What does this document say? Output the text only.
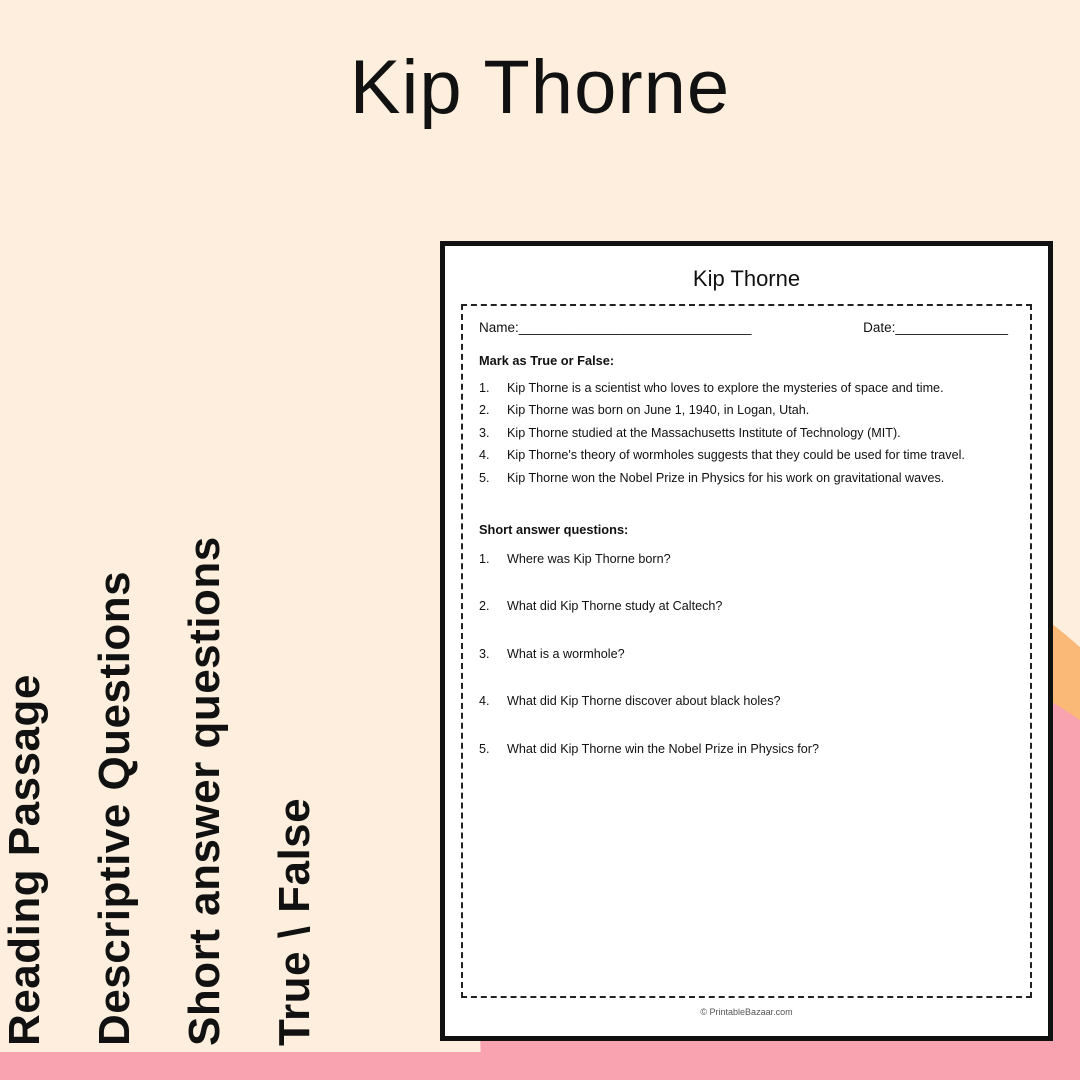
Kip Thorne
Reading Passage Descriptive Questions Short answer questions True \ False
Kip Thorne
Name:_______________________________	Date:_______________
Mark as True or False:
1.	Kip Thorne is a scientist who loves to explore the mysteries of space and time.
2.	Kip Thorne was born on June 1, 1940, in Logan, Utah.
3.	Kip Thorne studied at the Massachusetts Institute of Technology (MIT).
4.	Kip Thorne's theory of wormholes suggests that they could be used for time travel.
5.	Kip Thorne won the Nobel Prize in Physics for his work on gravitational waves.
Short answer questions:
1.	Where was Kip Thorne born?
2.	What did Kip Thorne study at Caltech?
3.	What is a wormhole?
4.	What did Kip Thorne discover about black holes?
5.	What did Kip Thorne win the Nobel Prize in Physics for?
© PrintableBazaar.com
